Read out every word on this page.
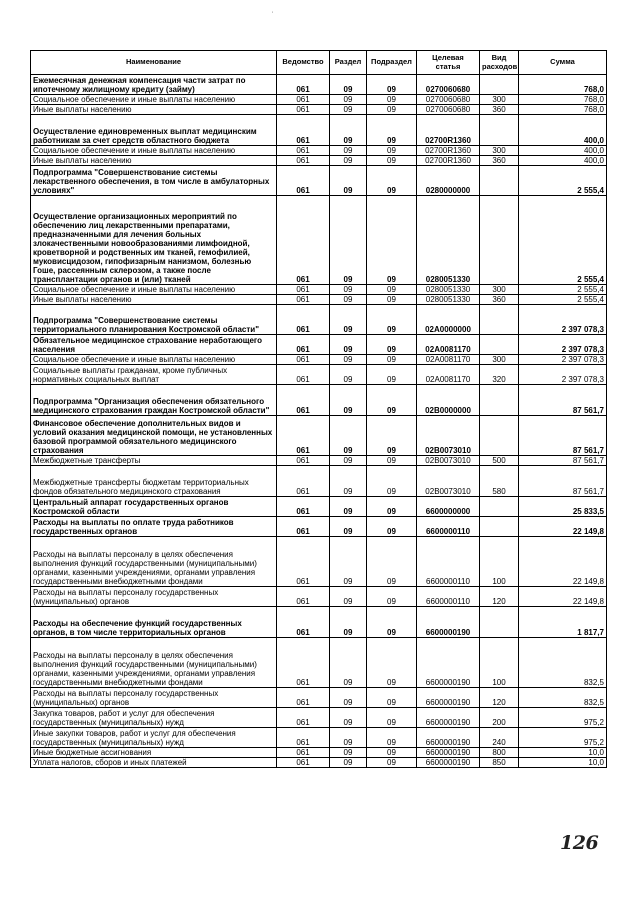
'
Наименование	Ведомство	Раздел	Подраздел	Целевая статья	Вид расходов	Сумма
Ежемесячная денежная компенсация части затрат по ипотечному жилищному кредиту (займу)	061	09	09	0270060680		768,0
Социальное обеспечение и иные выплаты населению	061	09	09	0270060680	300	768,0
Иные выплаты населению	061	09	09	0270060680	360	768,0
Осуществление единовременных выплат медицинским работникам за счет средств областного бюджета	061	09	09	02700R1360		400,0
Социальное обеспечение и иные выплаты населению	061	09	09	02700R1360	300	400,0
Иные выплаты населению	061	09	09	02700R1360	360	400,0
Подпрограмма "Совершенствование системы лекарственного обеспечения, в том числе в амбулаторных условиях"	061	09	09	0280000000		2 555,4
Осуществление организационных мероприятий по обеспечению лиц лекарственными препаратами, предназначенными для лечения больных злокачественными новообразованиями лимфоидной, кроветворной и родственных им тканей, гемофилией, муковисцидозом, гипофизарным нанизмом, болезнью Гоше, рассеянным склерозом, а также после трансплантации органов и (или) тканей	061	09	09	0280051330		2 555,4
Социальное обеспечение и иные выплаты населению	061	09	09	0280051330	300	2 555,4
Иные выплаты населению	061	09	09	0280051330	360	2 555,4
Подпрограмма "Совершенствование системы территориального планирования Костромской области"	061	09	09	02A0000000		2 397 078,3
Обязательное медицинское страхование неработающего населения	061	09	09	02A0081170		2 397 078,3
Социальное обеспечение и иные выплаты населению	061	09	09	02A0081170	300	2 397 078,3
Социальные выплаты гражданам, кроме публичных нормативных социальных выплат	061	09	09	02A0081170	320	2 397 078,3
Подпрограмма "Организация обеспечения обязательного медицинского страхования граждан Костромской области"	061	09	09	02B0000000		87 561,7
Финансовое обеспечение дополнительных видов и условий оказания медицинской помощи, не установленных базовой программой обязательного медицинского страхования	061	09	09	02B0073010		87 561,7
Межбюджетные трансферты	061	09	09	02B0073010	500	87 561,7
Межбюджетные трансферты бюджетам территориальных фондов обязательного медицинского страхования	061	09	09	02B0073010	580	87 561,7
Центральный аппарат государственных органов Костромской области	061	09	09	6600000000		25 833,5
Расходы на выплаты по оплате труда работников государственных органов	061	09	09	6600000110		22 149,8
Расходы на выплаты персоналу в целях обеспечения выполнения функций государственными (муниципальными) органами, казенными учреждениями, органами управления государственными внебюджетными фондами	061	09	09	6600000110	100	22 149,8
Расходы на выплаты персоналу государственных (муниципальных) органов	061	09	09	6600000110	120	22 149,8
Расходы на обеспечение функций государственных органов, в том числе территориальных органов	061	09	09	6600000190		1 817,7
Расходы на выплаты персоналу в целях обеспечения выполнения функций государственными (муниципальными) органами, казенными учреждениями, органами управления государственными внебюджетными фондами	061	09	09	6600000190	100	832,5
Расходы на выплаты персоналу государственных (муниципальных) органов	061	09	09	6600000190	120	832,5
Закупка товаров, работ и услуг для обеспечения государственных (муниципальных) нужд	061	09	09	6600000190	200	975,2
Иные закупки товаров, работ и услуг для обеспечения государственных (муниципальных) нужд	061	09	09	6600000190	240	975,2
Иные бюджетные ассигнования	061	09	09	6600000190	800	10,0
Уплата налогов, сборов и иных платежей	061	09	09	6600000190	850	10,0
126
